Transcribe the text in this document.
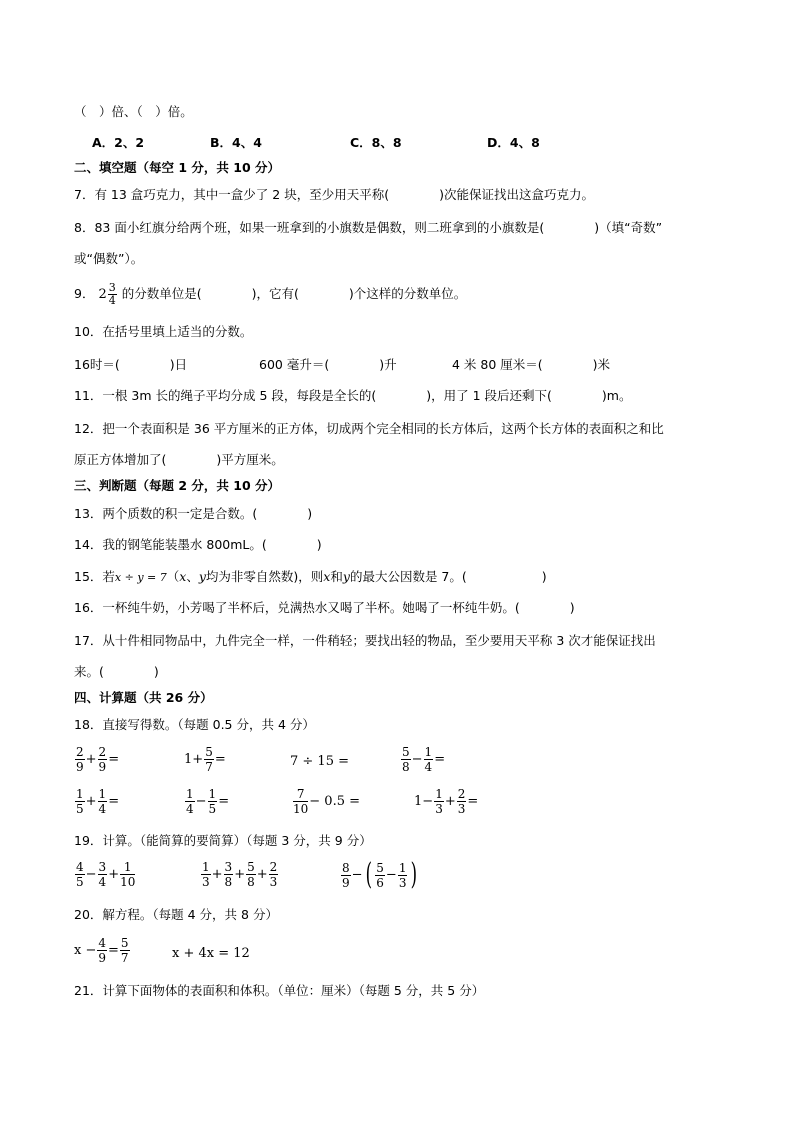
（　）倍、（　）倍。
A．2、2	B．4、4	C．8、8	D．4、8
二、填空题（每空 1 分，共 10 分）
7．有 13 盒巧克力，其中一盒少了 2 块，至少用天平称(　　　　)次能保证找出这盒巧克力。
8．83 面小红旗分给两个班，如果一班拿到的小旗数是偶数，则二班拿到的小旗数是(　　　　)（填“奇数”
或“偶数”）。
9． $2 \frac{3}{4}$ 的分数单位是(　　　　)，它有(　　　　)个这样的分数单位。
10．在括号里填上适当的分数。
16时＝(　　　　)日	600 毫升＝(　　　　)升	4 米 80 厘米＝(　　　　)米
11．一根 3m 长的绳子平均分成 5 段，每段是全长的(　　　　)，用了 1 段后还剩下(　　　　)m。
12．把一个表面积是 36 平方厘米的正方体，切成两个完全相同的长方体后，这两个长方体的表面积之和比
原正方体增加了(　　　　)平方厘米。
三、判断题（每题 2 分，共 10 分）
13．两个质数的积一定是合数。(　　　　)
14．我的钢笔能装墨水 800mL。(　　　　)
15．若x ÷ y = 7（x、y均为非零自然数)，则x和y的最大公因数是 7。(　　　　　　)
16．一杯纯牛奶，小芳喝了半杯后，兑满热水又喝了半杯。她喝了一杯纯牛奶。(　　　　)
17．从十件相同物品中，九件完全一样，一件稍轻；要找出轻的物品，至少要用天平称 3 次才能保证找出
来。(　　　　)
四、计算题（共 26 分）
18．直接写得数。（每题 0.5 分，共 4 分）
$\frac{2}{9} + \frac{2}{9}$ =	$1+ \frac{5}{7}$ =	7 ÷ 15 =	$\frac{5}{8} - \frac{1}{4}$ =
$\frac{1}{5} + \frac{1}{4}$ =	$\frac{1}{4} - \frac{1}{5}$ =	$\frac{7}{10} - 0.5$ =	$1- \frac{1}{3} + \frac{2}{3}$ =
19．计算。（能简算的要简算）（每题 3 分，共 9 分）
$\frac{4}{5} - \frac{3}{4} + \frac{1}{10}$	$\frac{1}{3} + \frac{3}{8} + \frac{5}{8} + \frac{2}{3}$	$\frac{8}{9}$ −( $\frac{5}{6} - \frac{1}{3}$ )
20．解方程。（每题 4 分，共 8 分）
$x - \frac{4}{9} = \frac{5}{7}$	x + 4x = 12
21．计算下面物体的表面积和体积。（单位：厘米）（每题 5 分，共 5 分）
